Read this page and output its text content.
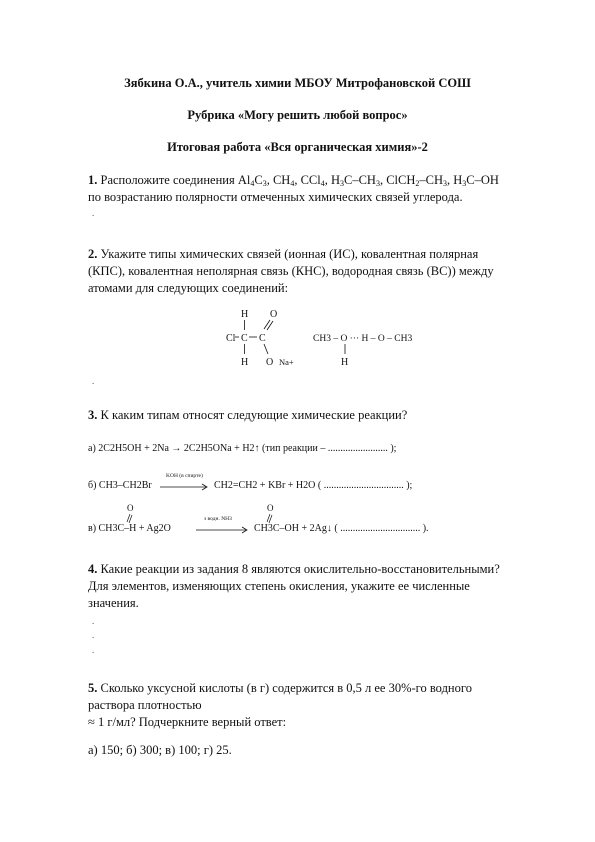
Зябкина О.А., учитель химии МБОУ Митрофановской СОШ
Рубрика «Могу решить любой вопрос»
Итоговая работа «Вся органическая химия»-2
1. Расположите соединения $Al_4C_3$, $CH_4$, CCl$_4$, $H_3C-CH_3$, $ClCH_2-CH_3$, $H_3C-OH$
по возрастанию полярности отмеченных химических связей углерода.
.
2. Укажите типы химических связей (ионная (ИС), ковалентная полярная
(КПС), ковалентная неполярная связь (КНС), водородная связь (ВС)) между
атомами для следующих соединений:
H O
Cl C C
H O Na+
CH3 – O ··· H – O – CH3
H
.
3. К каким типам относят следующие химические реакции?
а) 2C2H5OH + 2Na → 2C2H5ONa + H2↑ (тип реакции – ........................ );
б) CH3–CH2Br
KOH (в спирте)
CH2=CH2 + KBr + H2O ( ................................ );
O	O
в) CH3C–H + Ag2O
з водн. NH3
CH3C–OH + 2Ag↓ ( ................................ ).
4. Какие реакции из задания 8 являются окислительно-восстановительными?
Для элементов, изменяющих степень окисления, укажите ее численные
значения.
.
.
.
5. Сколько уксусной кислоты (в г) содержится в 0,5 л ее 30%-го водного
раствора плотностью
≈ 1 г/мл? Подчеркните верный ответ:
а) 150; б) 300; в) 100; г) 25.
